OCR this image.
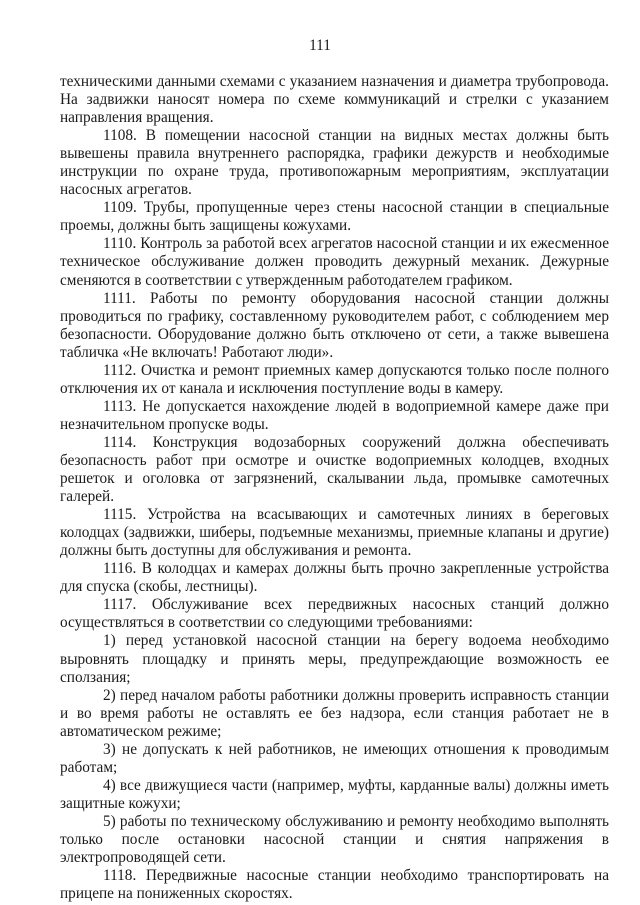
111

техническими данными схемами с указанием назначения и диаметра трубопровода. На задвижки наносят номера по схеме коммуникаций и стрелки с указанием направления вращения.

1108. В помещении насосной станции на видных местах должны быть вывешены правила внутреннего распорядка, графики дежурств и необходимые инструкции по охране труда, противопожарным мероприятиям, эксплуатации насосных агрегатов.

1109. Трубы, пропущенные через стены насосной станции в специальные проемы, должны быть защищены кожухами.

1110. Контроль за работой всех агрегатов насосной станции и их ежесменное техническое обслуживание должен проводить дежурный механик. Дежурные сменяются в соответствии с утвержденным работодателем графиком.

1111. Работы по ремонту оборудования насосной станции должны проводиться по графику, составленному руководителем работ, с соблюдением мер безопасности. Оборудование должно быть отключено от сети, а также вывешена табличка «Не включать! Работают люди».

1112. Очистка и ремонт приемных камер допускаются только после полного отключения их от канала и исключения поступление воды в камеру.

1113. Не допускается нахождение людей в водоприемной камере даже при незначительном пропуске воды.

1114. Конструкция водозаборных сооружений должна обеспечивать безопасность работ при осмотре и очистке водоприемных колодцев, входных решеток и оголовка от загрязнений, скалывании льда, промывке самотечных галерей.

1115. Устройства на всасывающих и самотечных линиях в береговых колодцах (задвижки, шиберы, подъемные механизмы, приемные клапаны и другие) должны быть доступны для обслуживания и ремонта.

1116. В колодцах и камерах должны быть прочно закрепленные устройства для спуска (скобы, лестницы).

1117. Обслуживание всех передвижных насосных станций должно осуществляться в соответствии со следующими требованиями:

1) перед установкой насосной станции на берегу водоема необходимо выровнять площадку и принять меры, предупреждающие возможность ее сползания;

2) перед началом работы работники должны проверить исправность станции и во время работы не оставлять ее без надзора, если станция работает не в автоматическом режиме;

3) не допускать к ней работников, не имеющих отношения к проводимым работам;

4) все движущиеся части (например, муфты, карданные валы) должны иметь защитные кожухи;

5) работы по техническому обслуживанию и ремонту необходимо выполнять только после остановки насосной станции и снятия напряжения в электропроводящей сети.

1118. Передвижные насосные станции необходимо транспортировать на прицепе на пониженных скоростях.
